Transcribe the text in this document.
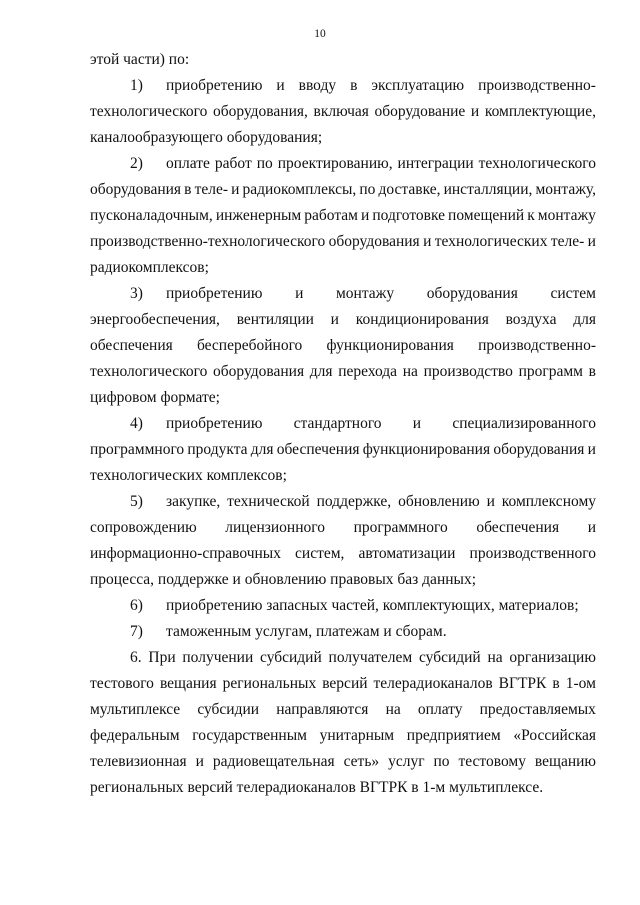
10
этой части) по:
1)	приобретению и вводу в эксплуатацию производственно-
технологического оборудования, включая оборудование и комплектующие,
каналообразующего оборудования;
2)	оплате работ по проектированию, интеграции технологического
оборудования в теле- и радиокомплексы, по доставке, инсталляции, монтажу,
пусконаладочным, инженерным работам и подготовке помещений к монтажу
производственно-технологического оборудования и технологических теле- и
радиокомплексов;
3)	приобретению и монтажу оборудования систем
энергообеспечения, вентиляции и кондиционирования воздуха для
обеспечения бесперебойного функционирования производственно-
технологического оборудования для перехода на производство программ в
цифровом формате;
4)	приобретению стандартного и специализированного
программного продукта для обеспечения функционирования оборудования и
технологических комплексов;
5)	закупке, технической поддержке, обновлению и комплексному
сопровождению лицензионного программного обеспечения и
информационно-справочных систем, автоматизации производственного
процесса, поддержке и обновлению правовых баз данных;
6)	приобретению запасных частей, комплектующих, материалов;
7)	таможенным услугам, платежам и сборам.
6. При получении субсидий получателем субсидий на организацию
тестового вещания региональных версий телерадиоканалов ВГТРК в 1-ом
мультиплексе субсидии направляются на оплату предоставляемых
федеральным государственным унитарным предприятием «Российская
телевизионная и радиовещательная сеть» услуг по тестовому вещанию
региональных версий телерадиоканалов ВГТРК в 1-м мультиплексе.
